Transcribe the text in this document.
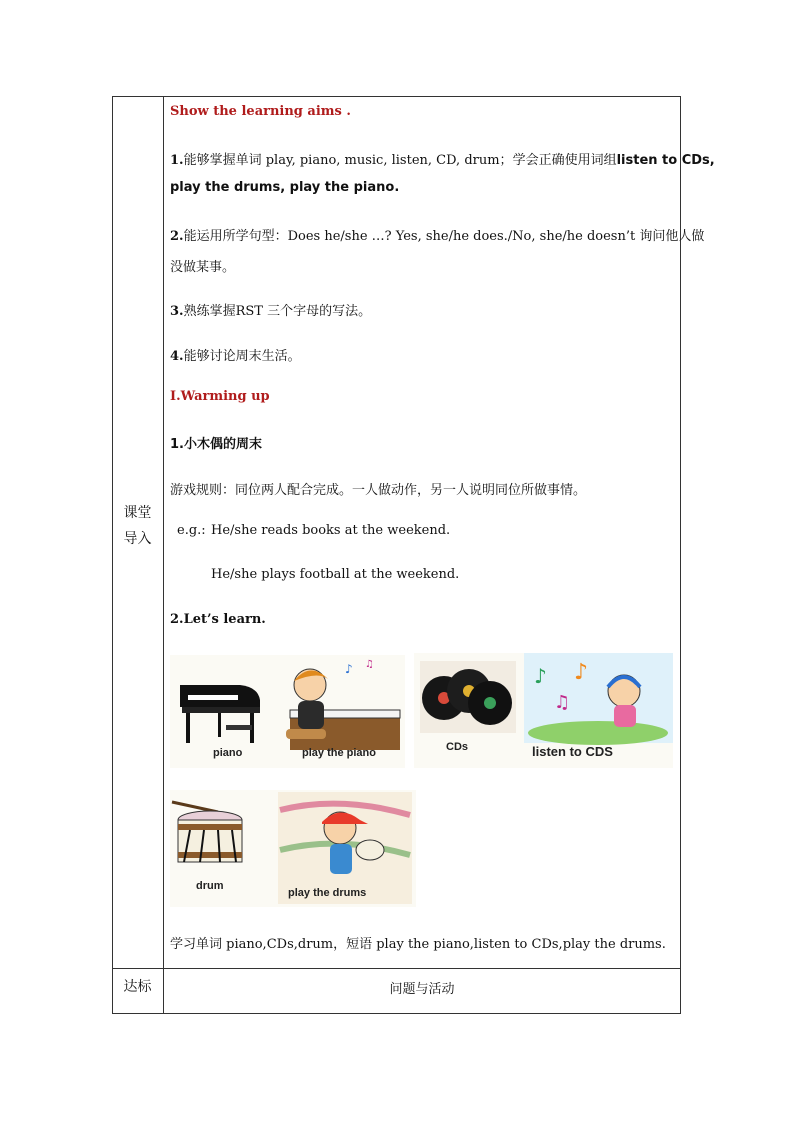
课堂
导入
达标
Show the learning aims .
1.能够掌握单词 play, piano, music, listen, CD, drum；学会正确使用词组listen to CDs,
play the drums, play the piano.
2.能运用所学句型：Does he/she …? Yes, she/he does./No, she/he doesn’t 询问他人做
没做某事。
3.熟练掌握RST 三个字母的写法。
4.能够讨论周末生活。
I.Warming up
1.小木偶的周末
游戏规则：同位两人配合完成。一人做动作，另一人说明同位所做事情。
e.g.: He/she reads books at the weekend.
He/she plays football at the weekend.
2.Let’s learn.
♪ ♫
piano	play the piano
♪ ♪
♫
CDs	listen to CDS
drum
play the drums
学习单词 piano,CDs,drum，短语 play the piano,listen to CDs,play the drums.
问题与活动
